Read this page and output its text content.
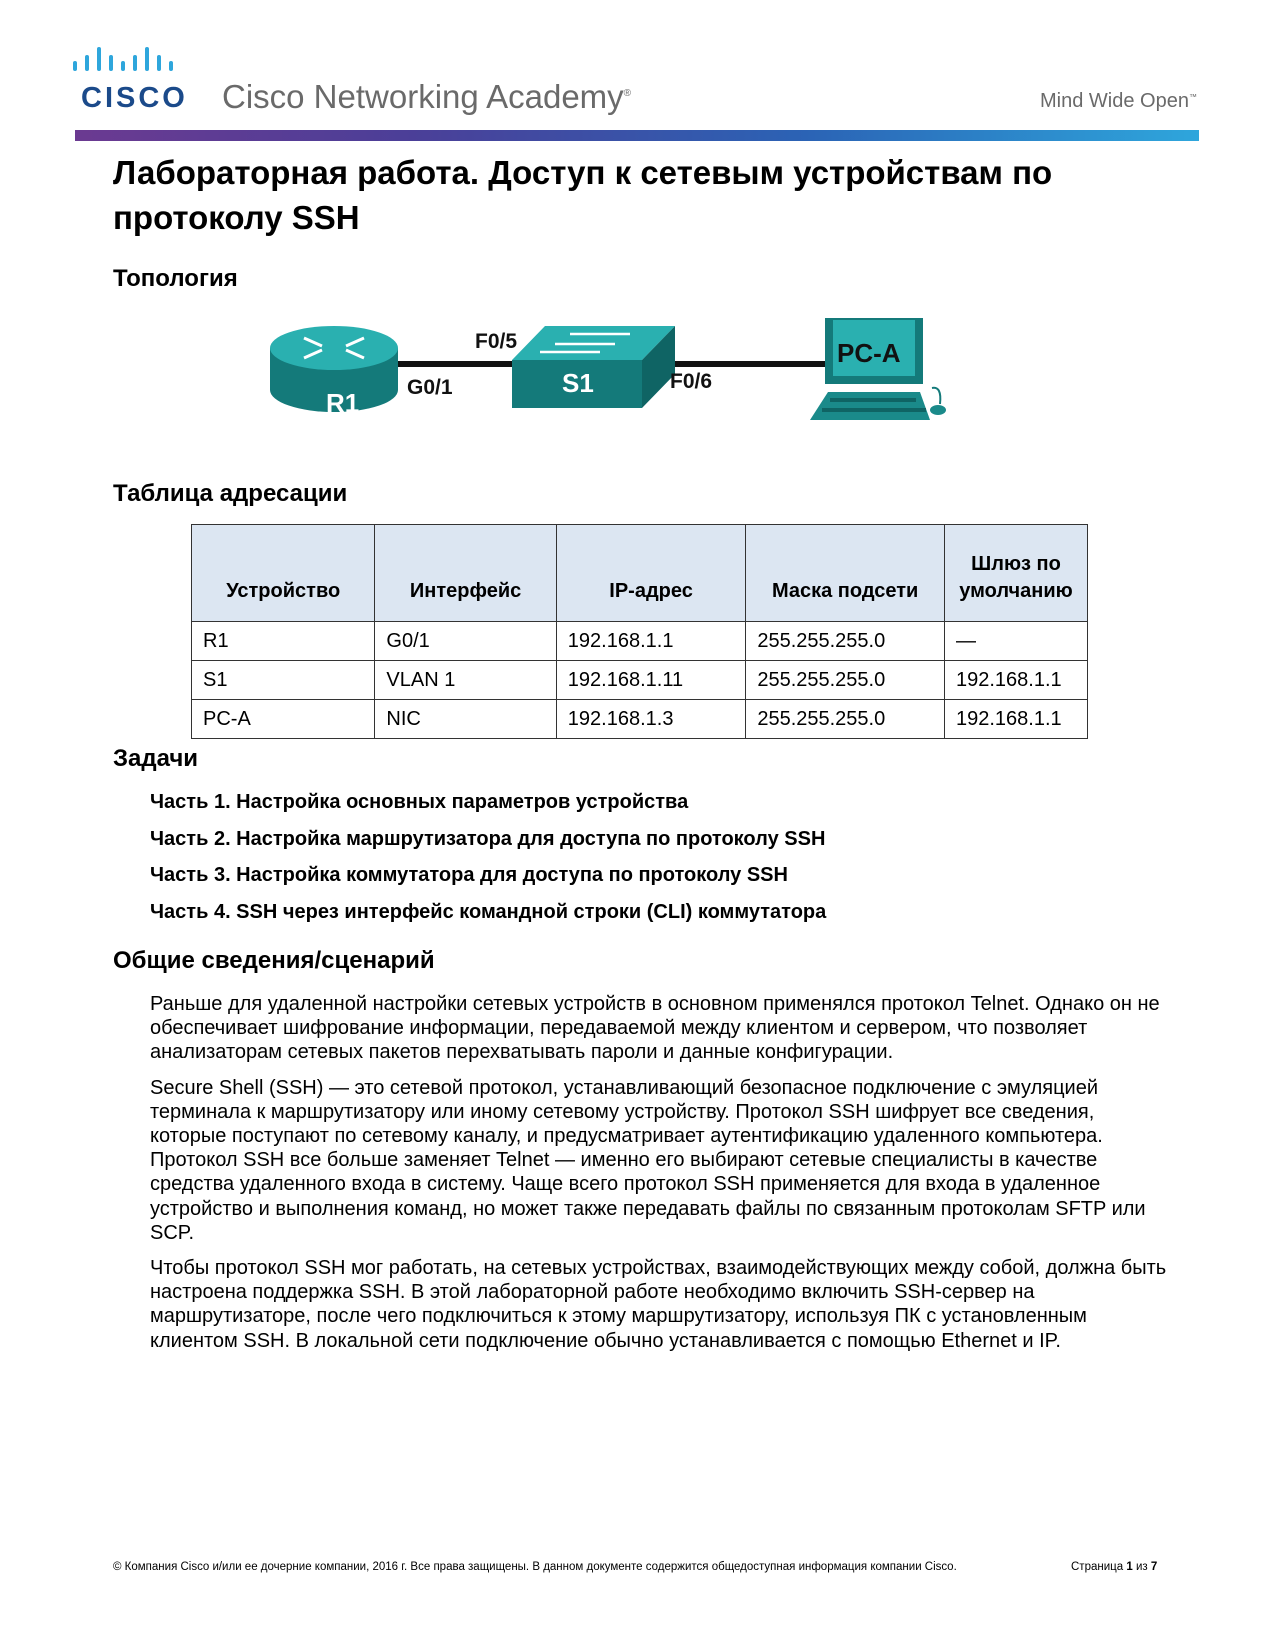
CISCO Cisco Networking Academy®	Mind Wide Open™
Лабораторная работа. Доступ к сетевым устройствам по протоколу SSH
Топология
R1
G0/1
F0/5
S1	F0/6
PC-A
Таблица адресации
Устройство	Интерфейс	IP-адрес	Маска подсети	Шлюз по умолчанию
R1	G0/1	192.168.1.1	255.255.255.0	—
S1	VLAN 1	192.168.1.11	255.255.255.0	192.168.1.1
PC-A	NIC	192.168.1.3	255.255.255.0	192.168.1.1
Задачи
Часть 1. Настройка основных параметров устройства
Часть 2. Настройка маршрутизатора для доступа по протоколу SSH
Часть 3. Настройка коммутатора для доступа по протоколу SSH
Часть 4. SSH через интерфейс командной строки (CLI) коммутатора
Общие сведения/сценарий

Раньше для удаленной настройки сетевых устройств в основном применялся протокол Telnet. Однако он не обеспечивает шифрование информации, передаваемой между клиентом и сервером, что позволяет анализаторам сетевых пакетов перехватывать пароли и данные конфигурации.

Secure Shell (SSH) — это сетевой протокол, устанавливающий безопасное подключение с эмуляцией терминала к маршрутизатору или иному сетевому устройству. Протокол SSH шифрует все сведения, которые поступают по сетевому каналу, и предусматривает аутентификацию удаленного компьютера. Протокол SSH все больше заменяет Telnet — именно его выбирают сетевые специалисты в качестве средства удаленного входа в систему. Чаще всего протокол SSH применяется для входа в удаленное устройство и выполнения команд, но может также передавать файлы по связанным протоколам SFTP или SCP.

Чтобы протокол SSH мог работать, на сетевых устройствах, взаимодействующих между собой, должна быть настроена поддержка SSH. В этой лабораторной работе необходимо включить SSH-сервер на маршрутизаторе, после чего подключиться к этому маршрутизатору, используя ПК с установленным клиентом SSH. В локальной сети подключение обычно устанавливается с помощью Ethernet и IP.

© Компания Cisco и/или ее дочерние компании, 2016 г. Все права защищены. В данном документе содержится общедоступная информация компании Cisco.	Страница 1 из 7
